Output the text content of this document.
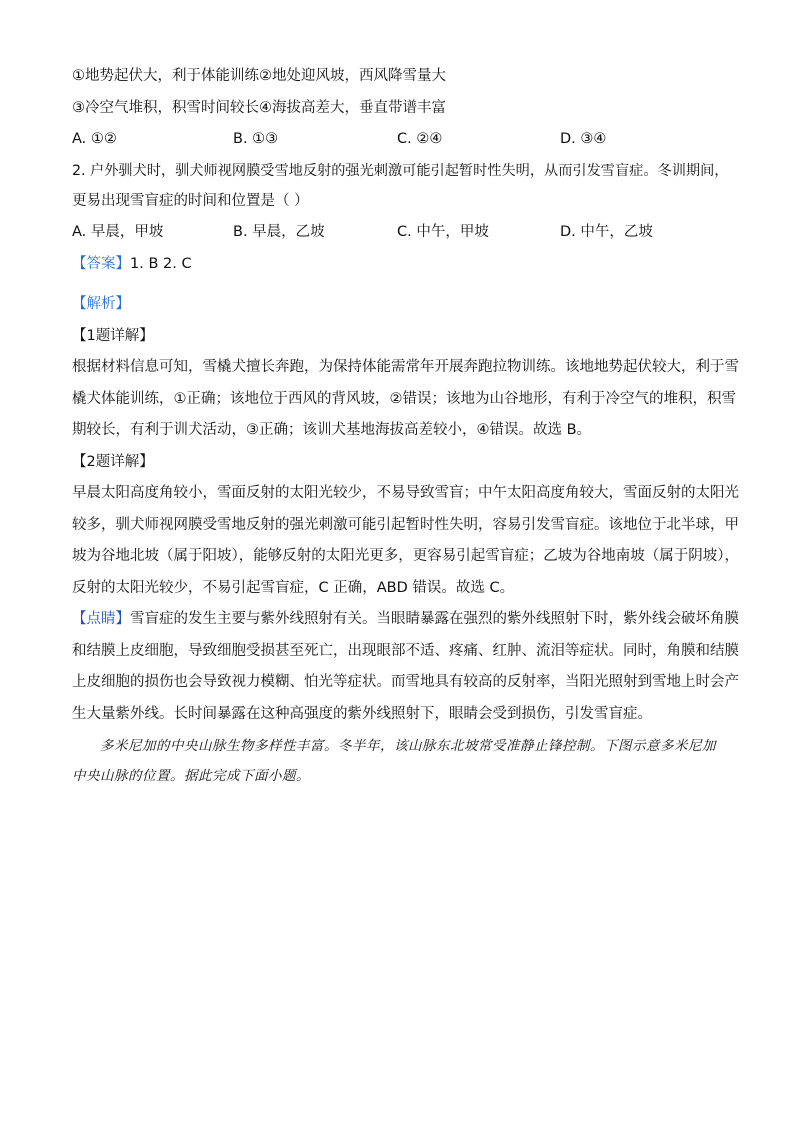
①地势起伏大，利于体能训练②地处迎风坡，西风降雪量大
③冷空气堆积，积雪时间较长④海拔高差大，垂直带谱丰富
A. ①②	B. ①③	C. ②④	D. ③④
2. 户外驯犬时，驯犬师视网膜受雪地反射的强光刺激可能引起暂时性失明，从而引发雪盲症。冬训期间，
更易出现雪盲症的时间和位置是（ ）
A. 早晨，甲坡	B. 早晨，乙坡	C. 中午，甲坡	D. 中午，乙坡
【答案】1. B 2. C
【解析】
【1题详解】
根据材料信息可知，雪橇犬擅长奔跑，为保持体能需常年开展奔跑拉物训练。该地地势起伏较大，利于雪
橇犬体能训练，①正确；该地位于西风的背风坡，②错误；该地为山谷地形，有利于冷空气的堆积，积雪
期较长，有利于训犬活动，③正确；该训犬基地海拔高差较小，④错误。故选 B。
【2题详解】
早晨太阳高度角较小，雪面反射的太阳光较少，不易导致雪盲；中午太阳高度角较大，雪面反射的太阳光
较多，驯犬师视网膜受雪地反射的强光刺激可能引起暂时性失明，容易引发雪盲症。该地位于北半球，甲
坡为谷地北坡（属于阳坡），能够反射的太阳光更多，更容易引起雪盲症；乙坡为谷地南坡（属于阴坡），
反射的太阳光较少，不易引起雪盲症，C 正确，ABD 错误。故选 C。
【点睛】雪盲症的发生主要与紫外线照射有关。当眼睛暴露在强烈的紫外线照射下时，紫外线会破坏角膜
和结膜上皮细胞，导致细胞受损甚至死亡，出现眼部不适、疼痛、红肿、流泪等症状。同时，角膜和结膜
上皮细胞的损伤也会导致视力模糊、怕光等症状。而雪地具有较高的反射率，当阳光照射到雪地上时会产
生大量紫外线。长时间暴露在这种高强度的紫外线照射下，眼睛会受到损伤，引发雪盲症。
多米尼加的中央山脉生物多样性丰富。冬半年，该山脉东北坡常受准静止锋控制。下图示意多米尼加
中央山脉的位置。据此完成下面小题。
